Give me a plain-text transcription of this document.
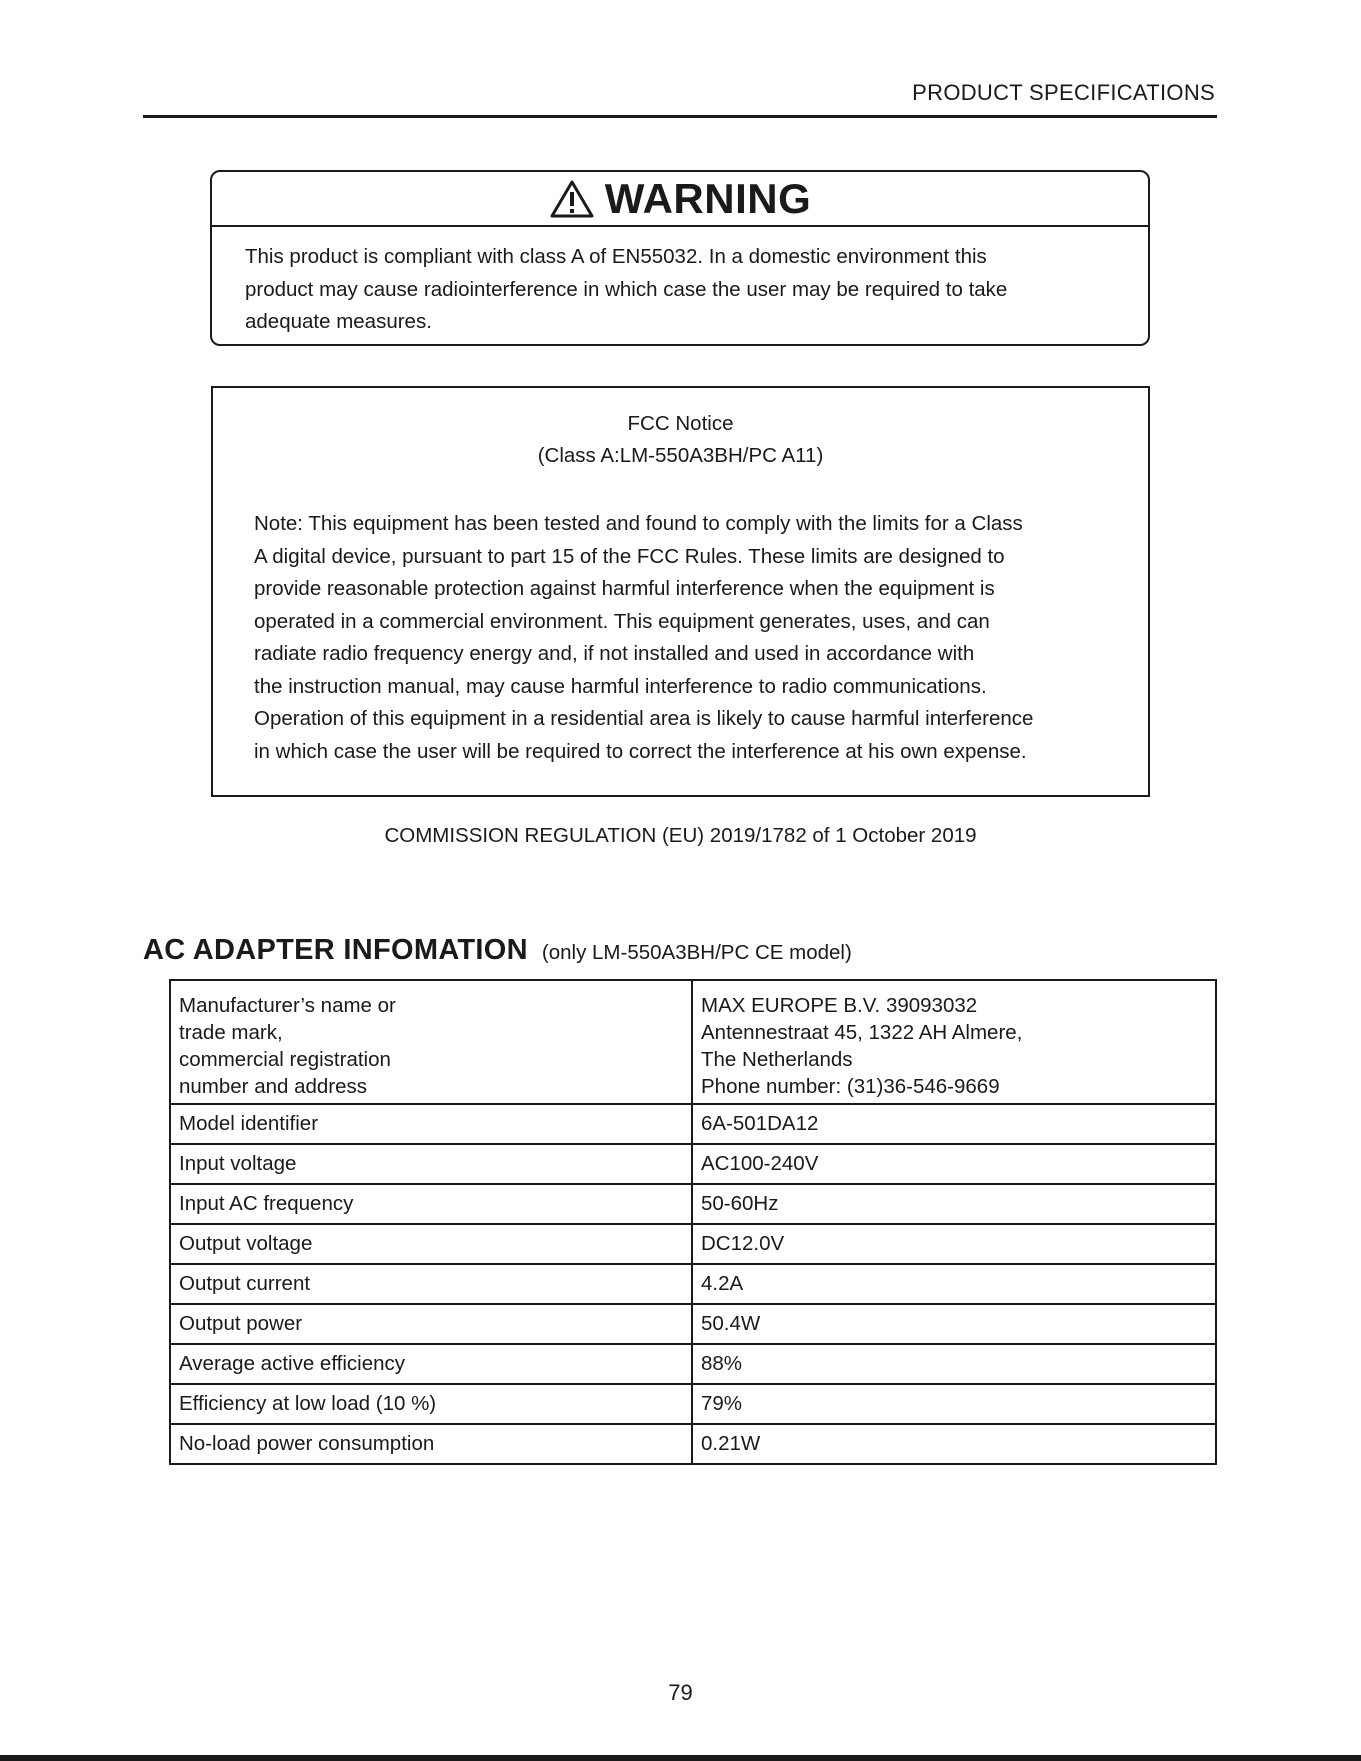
PRODUCT SPECIFICATIONS
WARNING
This product is compliant with class A of EN55032. In a domestic environment this
product may cause radiointerference in which case the user may be required to take
adequate measures.
FCC Notice
(Class A:LM-550A3BH/PC A11)
Note: This equipment has been tested and found to comply with the limits for a Class
A digital device, pursuant to part 15 of the FCC Rules. These limits are designed to
provide reasonable protection against harmful interference when the equipment is
operated in a commercial environment. This equipment generates, uses, and can
radiate radio frequency energy and, if not installed and used in accordance with
the instruction manual, may cause harmful interference to radio communications.
Operation of this equipment in a residential area is likely to cause harmful interference
in which case the user will be required to correct the interference at his own expense.
COMMISSION REGULATION (EU) 2019/1782 of 1 October 2019
AC ADAPTER INFOMATION (only LM-550A3BH/PC CE model)
Manufacturer’s name or
trade mark,
commercial registration
number and address	MAX EUROPE B.V. 39093032
Antennestraat 45, 1322 AH Almere,
The Netherlands
Phone number: (31)36-546-9669

Model identifier	6A-501DA12
Input voltage	AC100-240V
Input AC frequency	50-60Hz
Output voltage	DC12.0V
Output current	4.2A
Output power	50.4W
Average active efficiency	88%
Efficiency at low load (10 %)	79%
No-load power consumption	0.21W
79
